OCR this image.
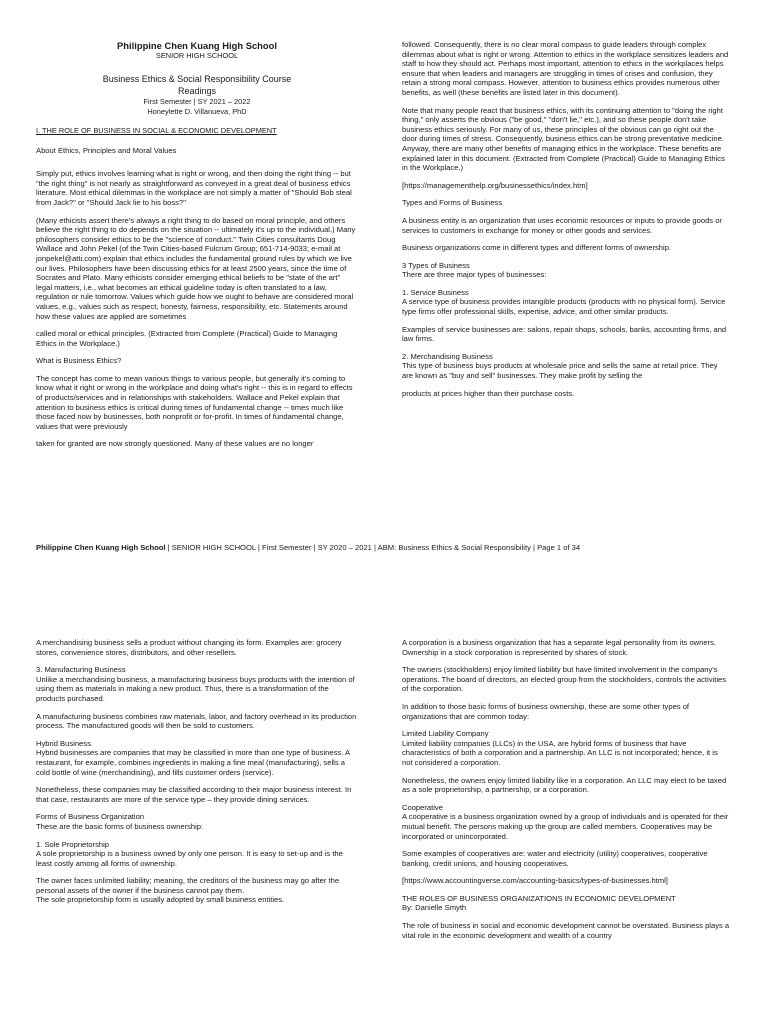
Philippine Chen Kuang High School
SENIOR HIGH SCHOOL
Business Ethics & Social Responsibility Course
Readings
First Semester | SY 2021 – 2022
Honeylette D. Villanueva, PhD
I. THE ROLE OF BUSINESS IN SOCIAL & ECONOMIC DEVELOPMENT

About Ethics, Principles and Moral Values

Simply put, ethics involves learning what is right or wrong, and then doing the right thing -- but "the right thing" is not nearly as straightforward as conveyed in a great deal of business ethics literature. Most ethical dilemmas in the workplace are not simply a matter of "Should Bob steal from Jack?" or "Should Jack lie to his boss?"

(Many ethicists assert there's always a right thing to do based on moral principle, and others believe the right thing to do depends on the situation -- ultimately it's up to the individual.) Many philosophers consider ethics to be the "science of conduct." Twin Cities consultants Doug Wallace and John Pekel (of the Twin Cities-based Fulcrum Group; 651-714-9033; e-mail at jonpekel@atti.com) explain that ethics includes the fundamental ground rules by which we live our lives. Philosophers have been discussing ethics for at least 2500 years, since the time of Socrates and Plato. Many ethicists consider emerging ethical beliefs to be "state of the art" legal matters, i.e., what becomes an ethical guideline today is often translated to a law, regulation or rule tomorrow. Values which guide how we ought to behave are considered moral values, e.g., values such as respect, honesty, fairness, responsibility, etc. Statements around how these values are applied are sometimes

called moral or ethical principles. (Extracted from Complete (Practical) Guide to Managing Ethics in the Workplace.)

What is Business Ethics?

The concept has come to mean various things to various people, but generally it's coming to know what it right or wrong in the workplace and doing what's right -- this is in regard to effects of products/services and in relationships with stakeholders. Wallace and Pekel explain that attention to business ethics is critical during times of fundamental change -- times much like those faced now by businesses, both nonprofit or for-profit. In times of fundamental change, values that were previously

taken for granted are now strongly questioned. Many of these values are no longer

followed. Consequently, there is no clear moral compass to guide leaders through complex dilemmas about what is right or wrong. Attention to ethics in the workplace sensitizes leaders and staff to how they should act. Perhaps most important, attention to ethics in the workplaces helps ensure that when leaders and managers are struggling in times of crises and confusion, they retain a strong moral compass. However, attention to business ethics provides numerous other benefits, as well (these benefits are listed later in this document).

Note that many people react that business ethics, with its continuing attention to "doing the right thing," only asserts the obvious ("be good," "don't lie," etc.), and so these people don't take business ethics seriously. For many of us, these principles of the obvious can go right out the door during times of stress. Consequently, business ethics can be strong preventative medicine. Anyway, there are many other benefits of managing ethics in the workplace. These benefits are explained later in this document. (Extracted from Complete (Practical) Guide to Managing Ethics in the Workplace.)

[https://managementhelp.org/businessethics/index.htm]

Types and Forms of Business

A business entity is an organization that uses economic resources or inputs to provide goods or services to customers in exchange for money or other goods and services.

Business organizations come in different types and different forms of ownership.

3 Types of Business
There are three major types of businesses:

1. Service Business
A service type of business provides intangible products (products with no physical form). Service type firms offer professional skills, expertise, advice, and other similar products.

Examples of service businesses are: salons, repair shops, schools, banks, accounting firms, and law firms.

2. Merchandising Business
This type of business buys products at wholesale price and sells the same at retail price. They are known as "buy and sell" businesses. They make profit by selling the

products at prices higher than their purchase costs.

Philippine Chen Kuang High School | SENIOR HIGH SCHOOL | First Semester | SY 2020 – 2021 | ABM: Business Ethics & Social Responsibility | Page 1 of 34

A merchandising business sells a product without changing its form. Examples are: grocery stores, convenience stores, distributors, and other resellers.

3. Manufacturing Business
Unlike a merchandising business, a manufacturing business buys products with the intention of using them as materials in making a new product. Thus, there is a transformation of the products purchased.

A manufacturing business combines raw materials, labor, and factory overhead in its production process. The manufactured goods will then be sold to customers.

Hybrid Business
Hybrid businesses are companies that may be classified in more than one type of business. A restaurant, for example, combines ingredients in making a fine meal (manufacturing), sells a cold bottle of wine (merchandising), and fills customer orders (service).

Nonetheless, these companies may be classified according to their major business interest. In that case, restaurants are more of the service type – they provide dining services.

Forms of Business Organization
These are the basic forms of business ownership:

1. Sole Proprietorship
A sole proprietorship is a business owned by only one person. It is easy to set-up and is the least costly among all forms of ownership.

The owner faces unlimited liability; meaning, the creditors of the business may go after the personal assets of the owner if the business cannot pay them.
The sole proprietorship form is usually adopted by small business entities.

A corporation is a business organization that has a separate legal personality from its owners. Ownership in a stock corporation is represented by shares of stock.

The owners (stockholders) enjoy limited liability but have limited involvement in the company's operations. The board of directors, an elected group from the stockholders, controls the activities of the corporation.

In addition to those basic forms of business ownership, these are some other types of organizations that are common today:

Limited Liability Company
Limited liability companies (LLCs) in the USA, are hybrid forms of business that have characteristics of both a corporation and a partnership. An LLC is not incorporated; hence, it is not considered a corporation.

Nonetheless, the owners enjoy limited liability like in a corporation. An LLC may elect to be taxed as a sole proprietorship, a partnership, or a corporation.

Cooperative
A cooperative is a business organization owned by a group of individuals and is operated for their mutual benefit. The persons making up the group are called members. Cooperatives may be incorporated or unincorporated.

Some examples of cooperatives are: water and electricity (utility) cooperatives, cooperative banking, credit unions, and housing cooperatives.

[https://www.accountingverse.com/accounting-basics/types-of-businesses.html]

THE ROLES OF BUSINESS ORGANIZATIONS IN ECONOMIC DEVELOPMENT
By: Danielle Smyth

The role of business in social and economic development cannot be overstated. Business plays a vital role in the economic development and wealth of a country
